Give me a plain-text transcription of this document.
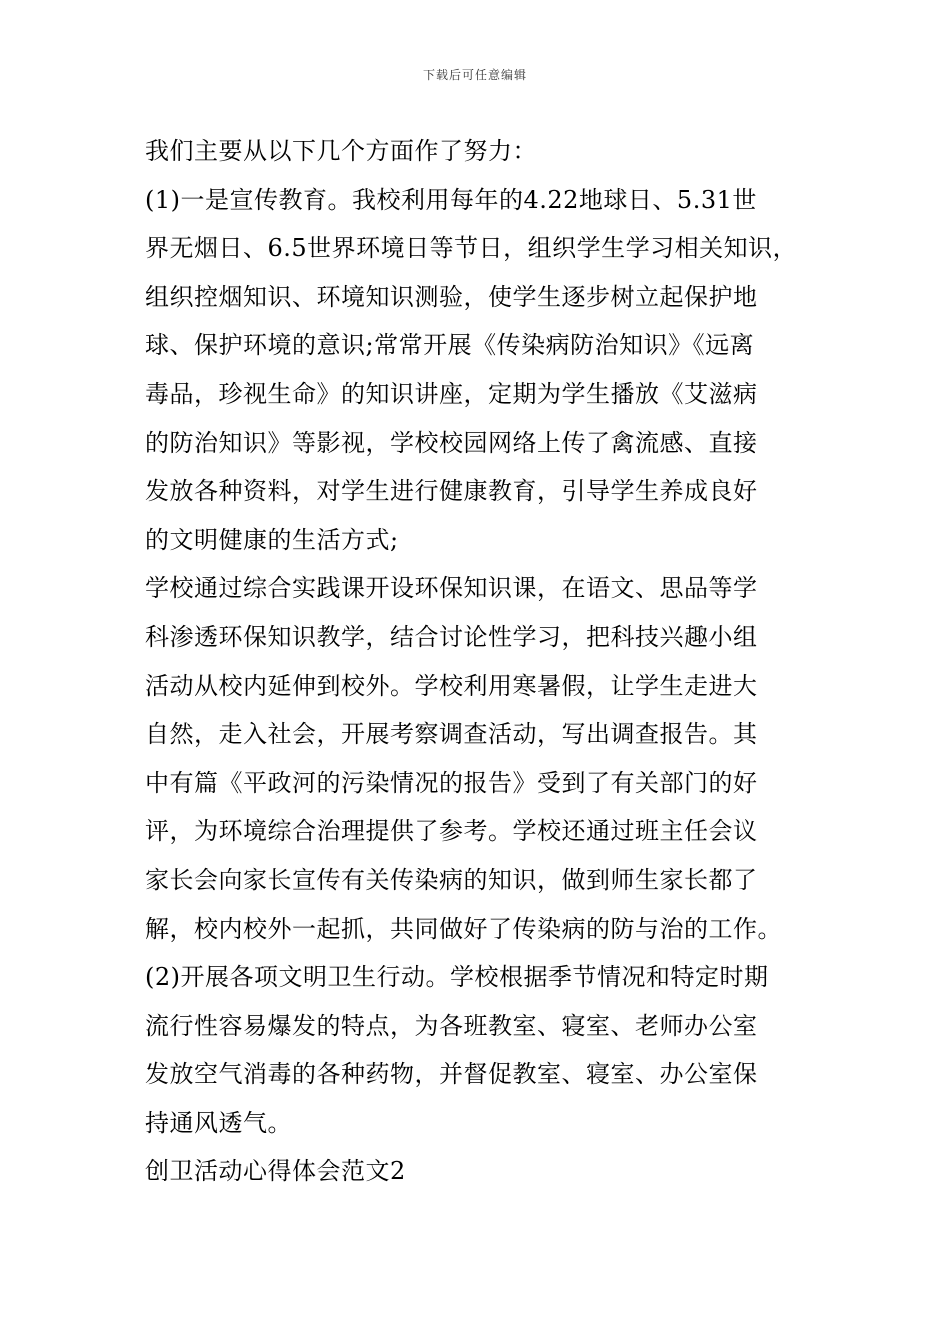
下载后可任意编辑
我们主要从以下几个方面作了努力：
(1)一是宣传教育。我校利用每年的4.22地球日、5.31世
界无烟日、6.5世界环境日等节日，组织学生学习相关知识，
组织控烟知识、环境知识测验，使学生逐步树立起保护地
球、保护环境的意识;常常开展《传染病防治知识》《远离
毒品，珍视生命》的知识讲座，定期为学生播放《艾滋病
的防治知识》等影视，学校校园网络上传了禽流感、直接
发放各种资料，对学生进行健康教育，引导学生养成良好
的文明健康的生活方式;
学校通过综合实践课开设环保知识课，在语文、思品等学
科渗透环保知识教学，结合讨论性学习，把科技兴趣小组
活动从校内延伸到校外。学校利用寒暑假，让学生走进大
自然，走入社会，开展考察调查活动，写出调查报告。其
中有篇《平政河的污染情况的报告》受到了有关部门的好
评，为环境综合治理提供了参考。学校还通过班主任会议
家长会向家长宣传有关传染病的知识，做到师生家长都了
解，校内校外一起抓，共同做好了传染病的防与治的工作。
(2)开展各项文明卫生行动。学校根据季节情况和特定时期
流行性容易爆发的特点，为各班教室、寝室、老师办公室
发放空气消毒的各种药物，并督促教室、寝室、办公室保
持通风透气。
创卫活动心得体会范文2
